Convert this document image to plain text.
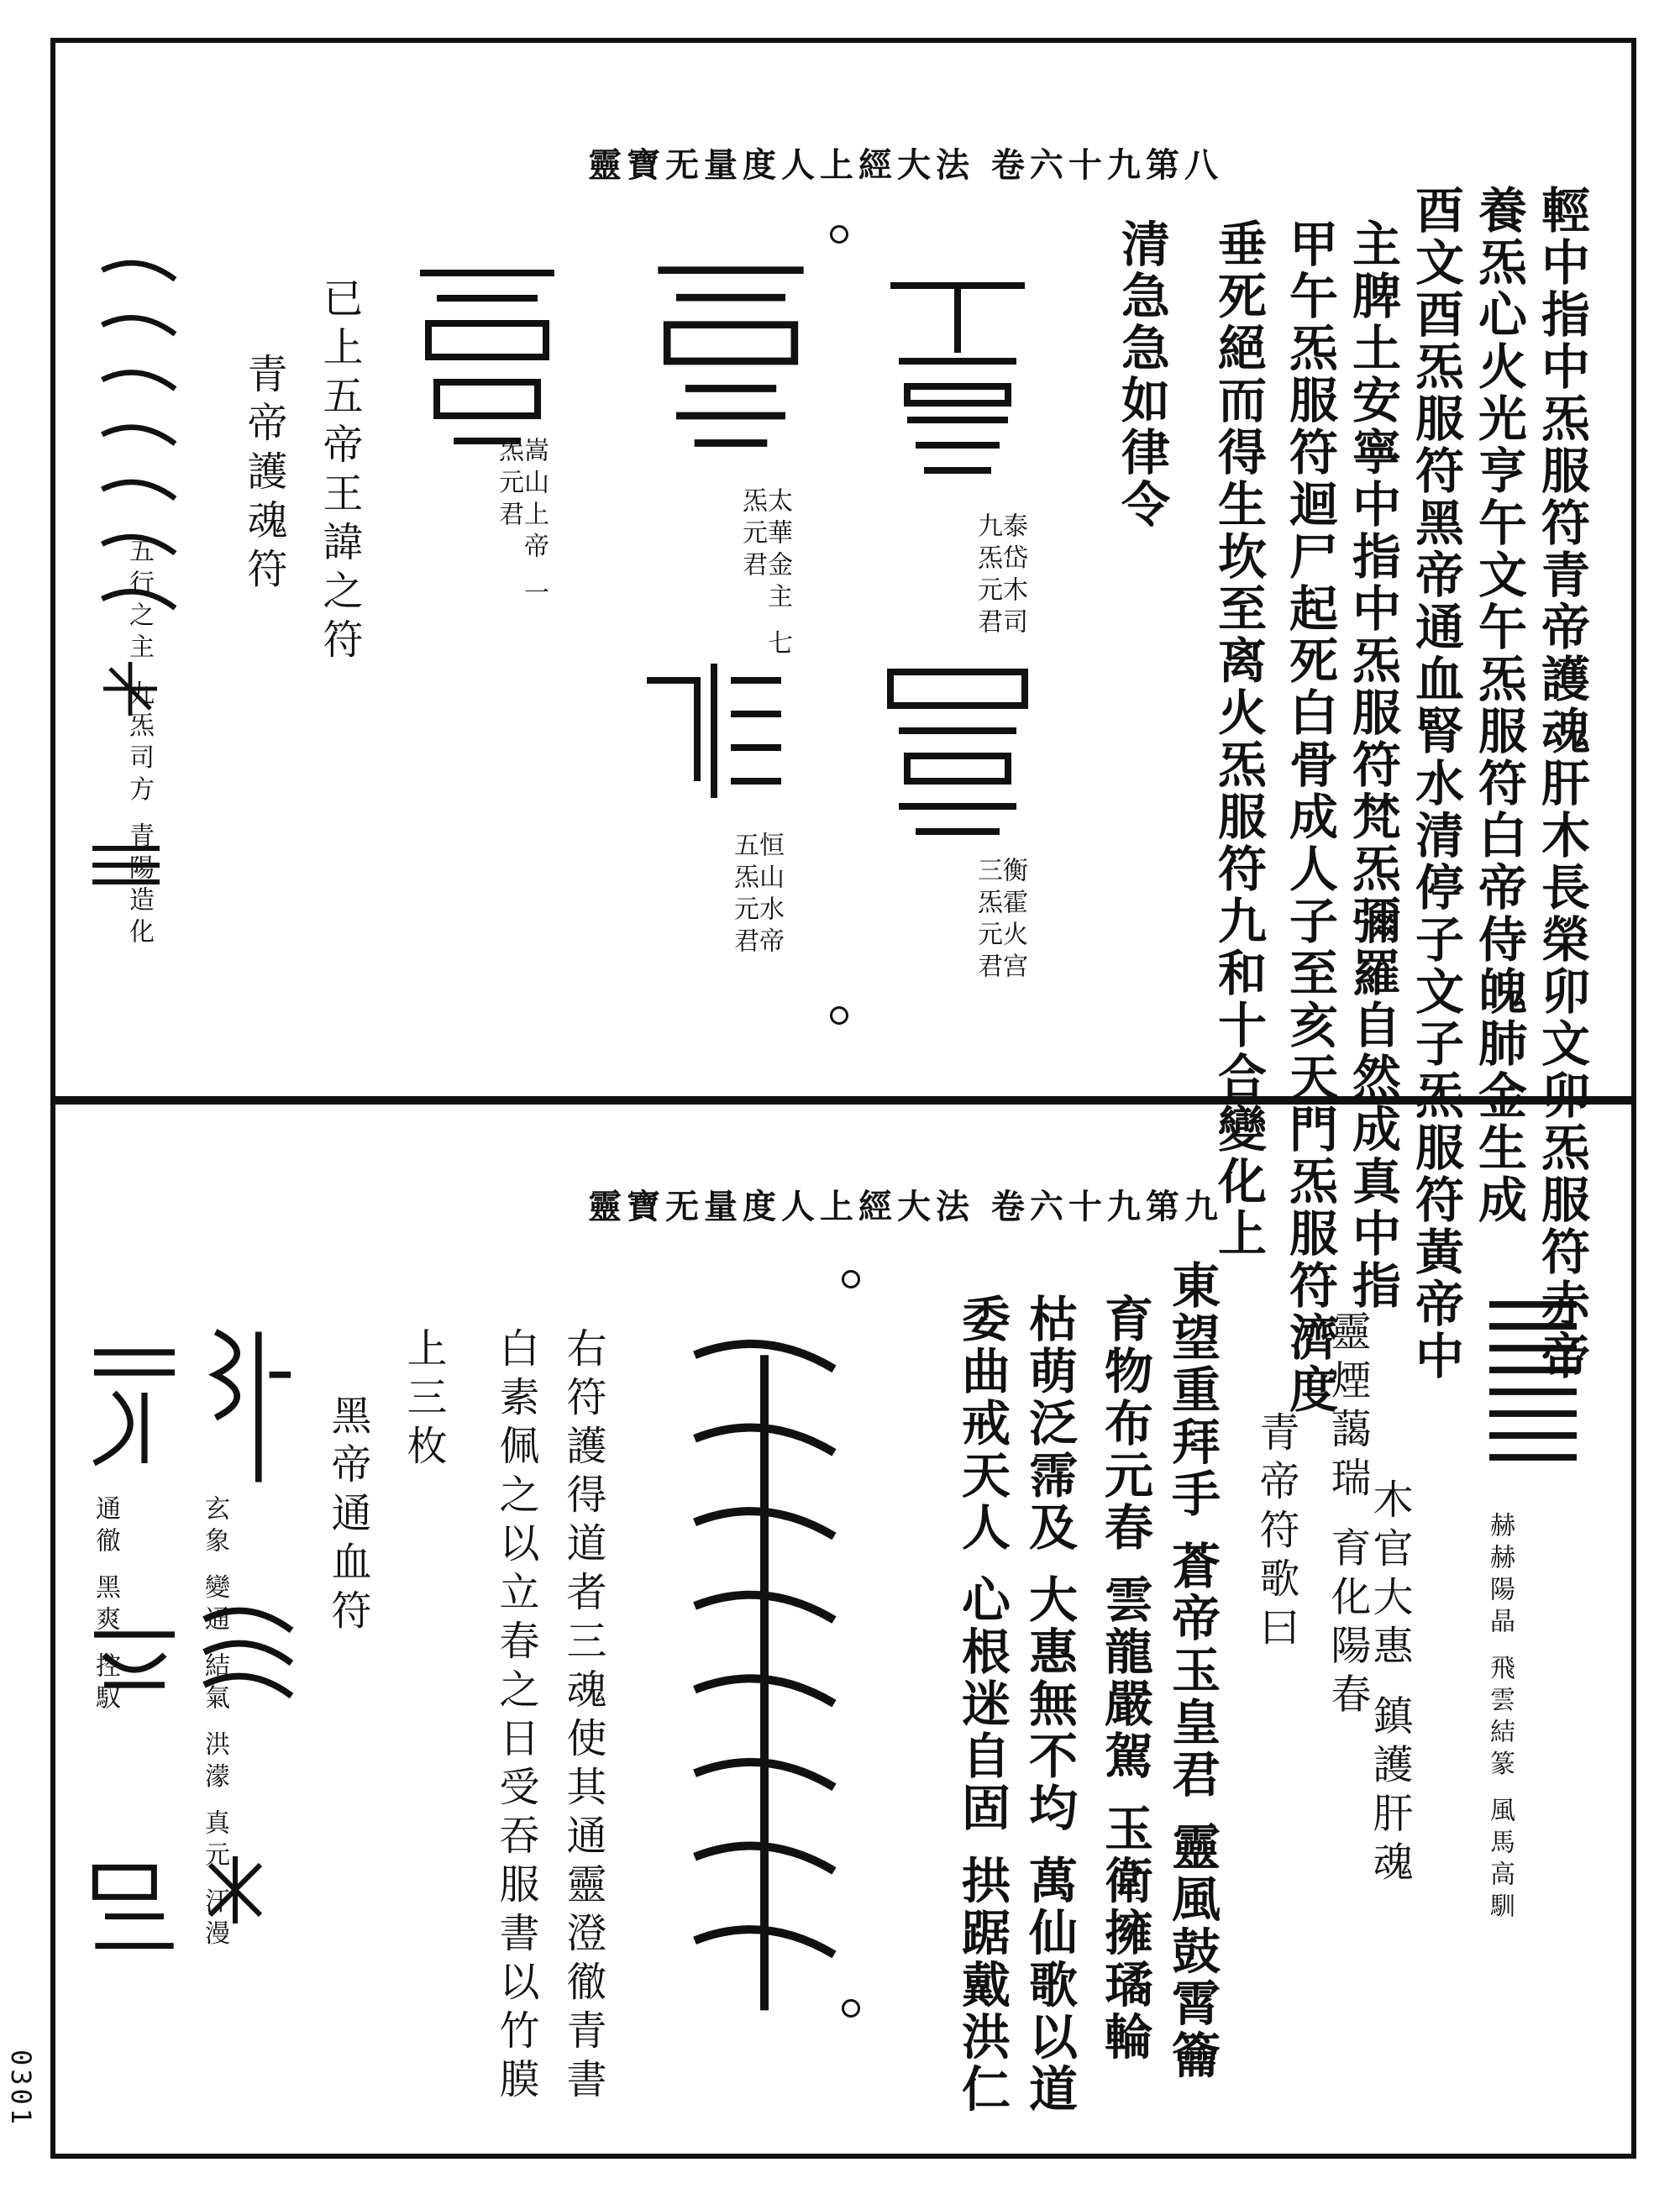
靈寶无量度人上經大法 卷六十九第八
輕中指中炁服符青帝護魂肝木長榮卯文卯炁服符赤帝
養炁心火光亨午文午炁服符白帝侍魄肺金生成
酉文酉炁服符黑帝通血腎水清停子文子炁服符黃帝中
主脾土安寧中指中炁服符梵炁彌羅自然成真中指
甲午炁服符迴尸起死白骨成人子至亥天門炁服符濟度
垂死絕而得生坎至离火炁服符九和十合變化上
清急急如律令
泰岱木司 九炁元君
衡霍火宫 三炁元君
太華金主 七炁元君
恒山水帝 五炁元君
嵩山上帝 一炁元君
已上五帝王諱之符
青帝護魂符
五行之主 九炁司方 青陽造化
靈寶无量度人上經大法 卷六十九第九
赫赫陽晶 飛雲結篆 風馬高馴
木官大惠 鎮護肝魂
靈煙藹瑞 育化陽春
青帝符歌曰
東望重拜手 蒼帝玉皇君 靈風鼓霄籥
育物布元春 雲龍嚴駕 玉衛擁璚輪
枯萌泛霈及 大惠無不均 萬仙歌以道
委曲戒天人 心根迷自固 拱踞戴洪仁
右符護得道者三魂使其通靈澄徹青書
白素佩之以立春之日受吞服書以竹膜
上三枚
黑帝通血符
玄象 變通 結氣 洪濛 真元 汗漫
通徹 黑爽 控馭
0301
